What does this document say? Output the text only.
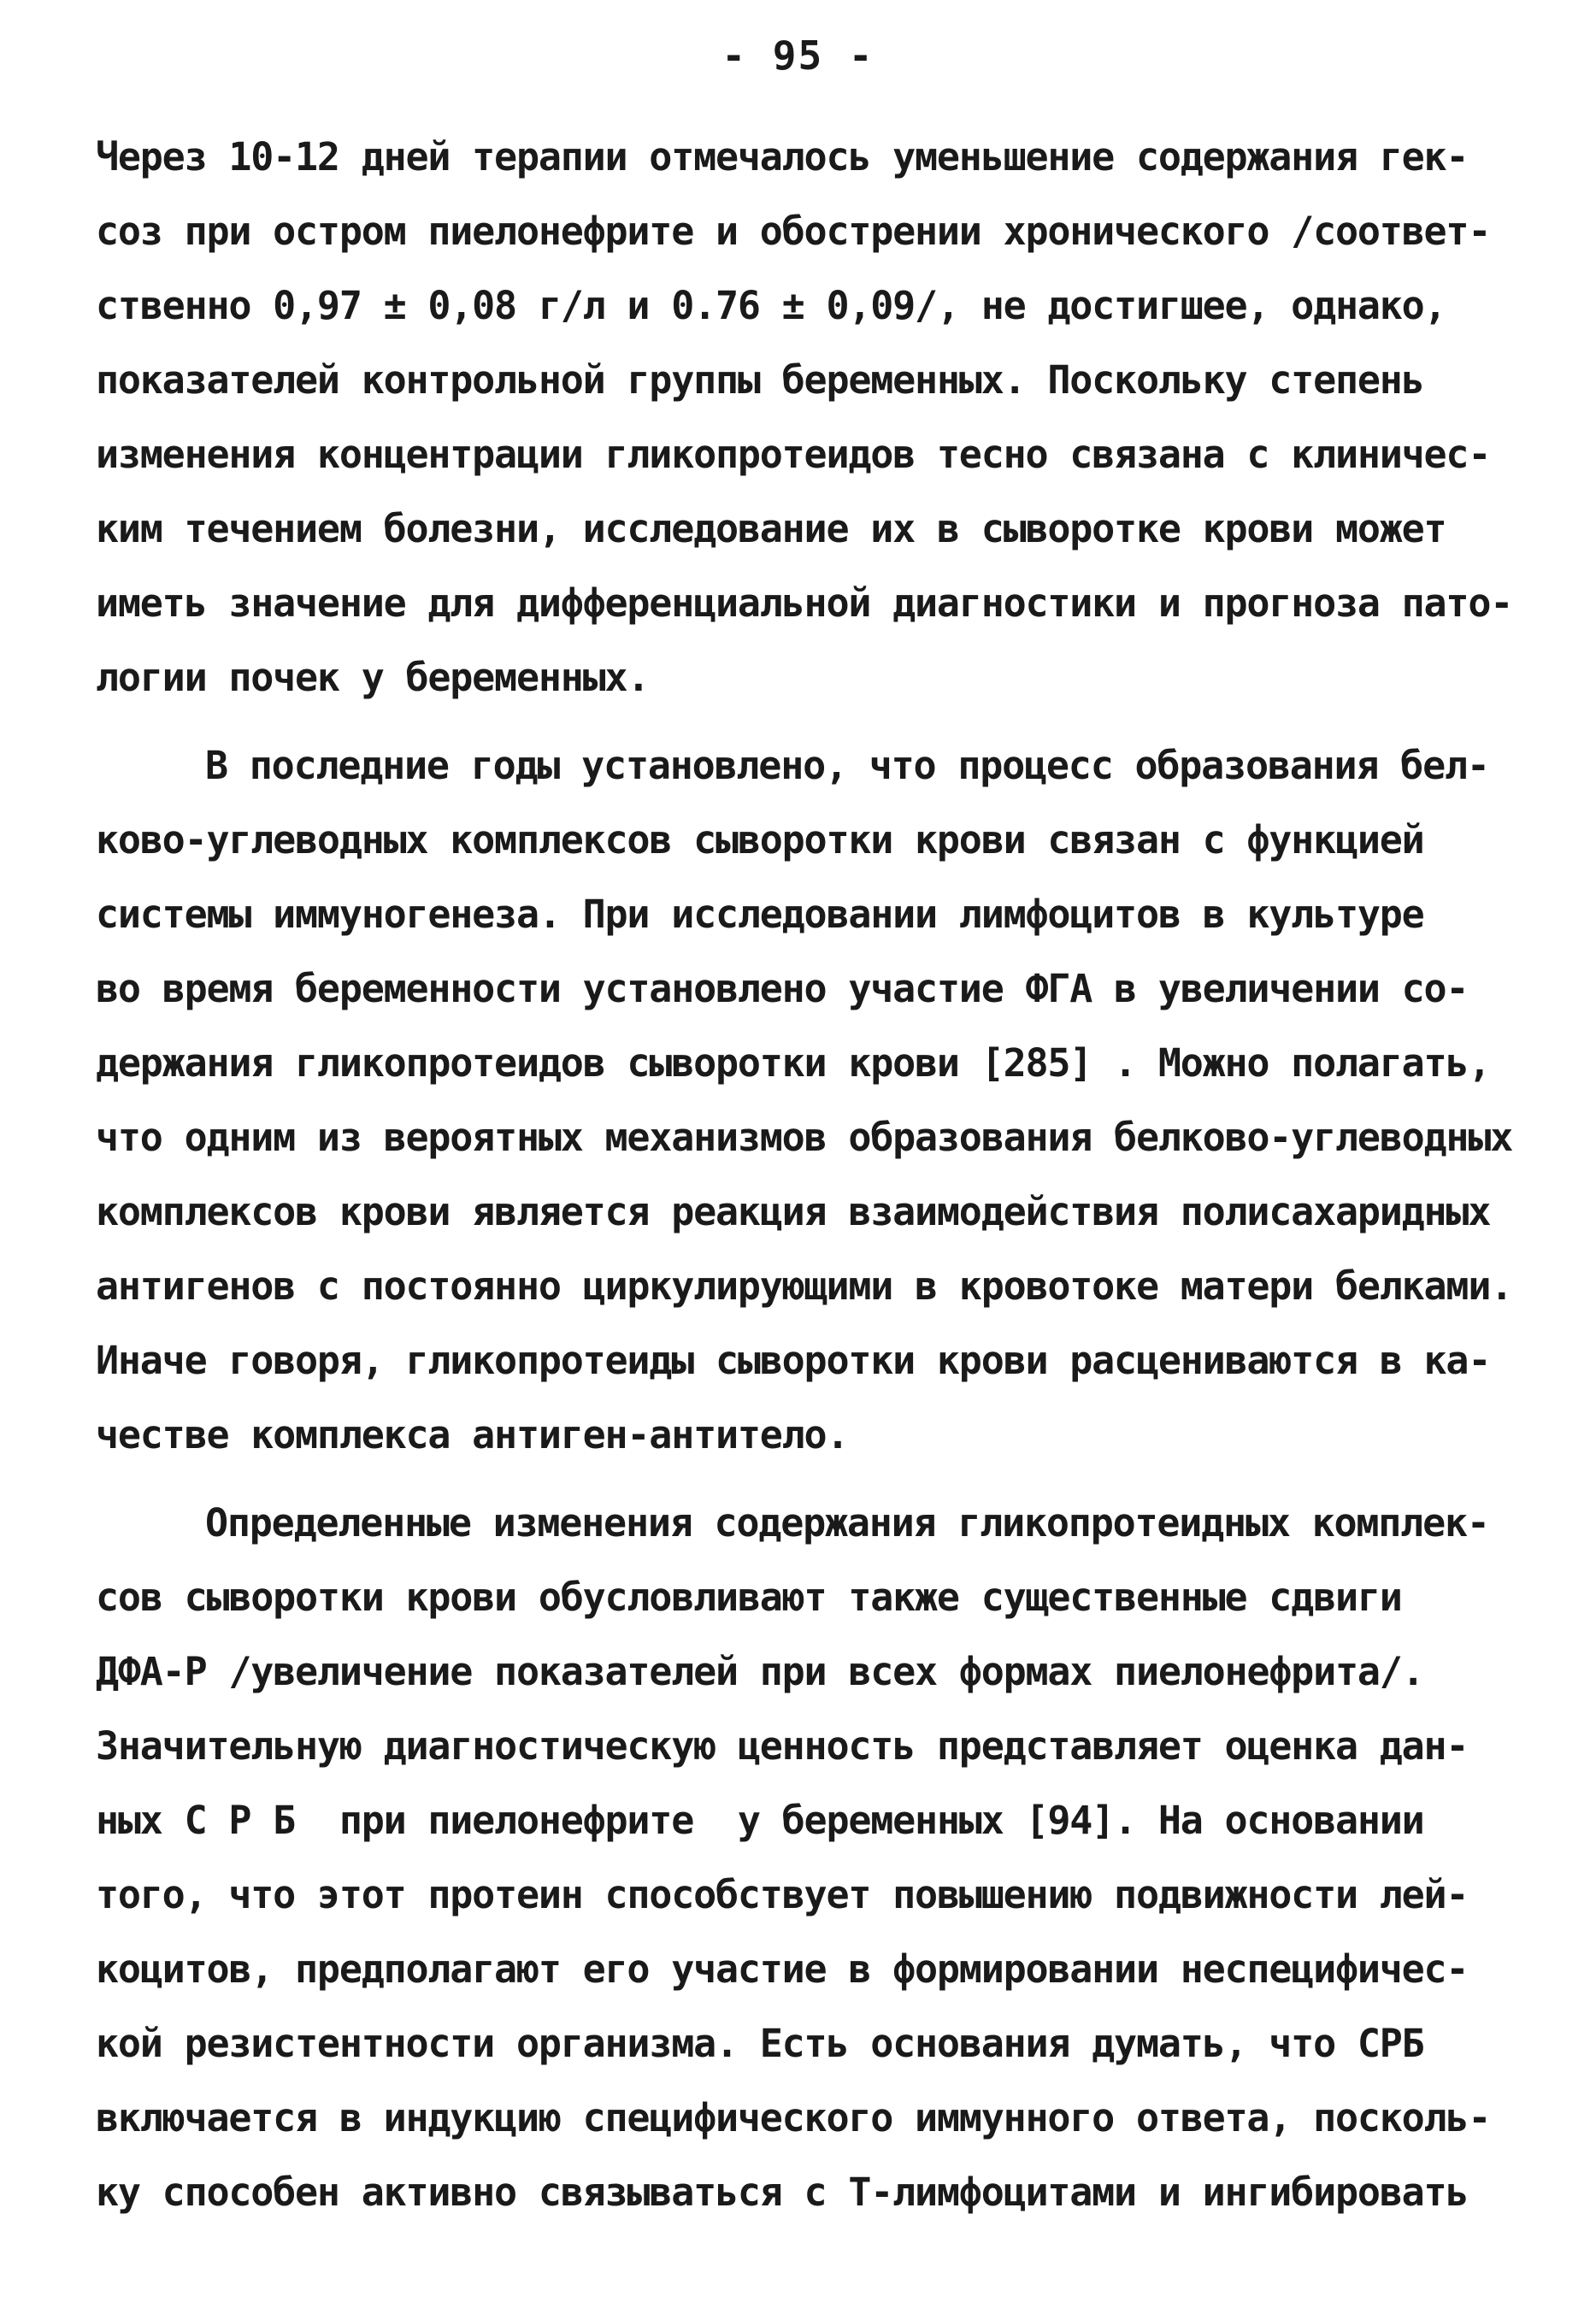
- 95 -
Через 10-12 дней терапии отмечалось уменьшение содержания гек-
соз при остром пиелонефрите и обострении хронического /соответ-
ственно 0,97 ± 0,08 г/л и 0.76 ± 0,09/, не достигшее, однако,
показателей контрольной группы беременных. Поскольку степень
изменения концентрации гликопротеидов тесно связана с клиничес-
ким течением болезни, исследование их в сыворотке крови может
иметь значение для дифференциальной диагностики и прогноза пато-
логии почек у беременных.
В последние годы установлено, что процесс образования бел-
ково-углеводных комплексов сыворотки крови связан с функцией
системы иммуногенеза. При исследовании лимфоцитов в культуре
во время беременности установлено участие ФГА в увеличении со-
держания гликопротеидов сыворотки крови [285] . Можно полагать,
что одним из вероятных механизмов образования белково-углеводных
комплексов крови является реакция взаимодействия полисахаридных
антигенов с постоянно циркулирующими в кровотоке матери белками.
Иначе говоря, гликопротеиды сыворотки крови расцениваются в ка-
честве комплекса антиген-антитело.
Определенные изменения содержания гликопротеидных комплек-
сов сыворотки крови обусловливают также существенные сдвиги
ДФА-Р /увеличение показателей при всех формах пиелонефрита/.
Значительную диагностическую ценность представляет оценка дан-
ных С Р Б  при пиелонефрите  у беременных [94]. На основании
того, что этот протеин способствует повышению подвижности лей-
коцитов, предполагают его участие в формировании неспецифичес-
кой резистентности организма. Есть основания думать, что СРБ
включается в индукцию специфического иммунного ответа, посколь-
ку способен активно связываться с Т-лимфоцитами и ингибировать
